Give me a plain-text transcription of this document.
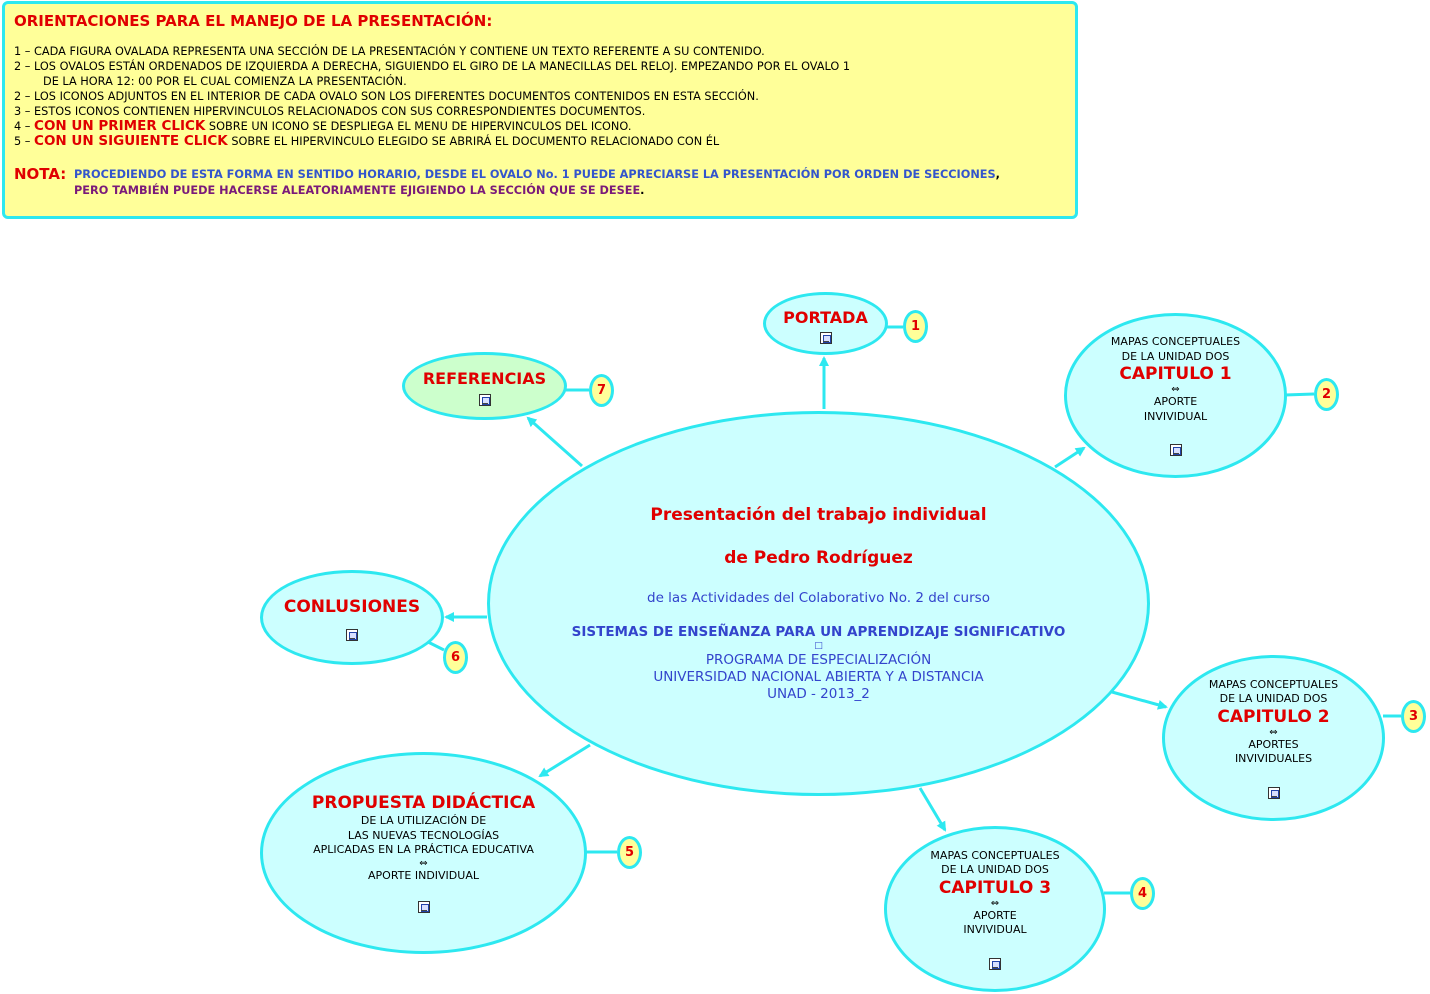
ORIENTACIONES PARA EL MANEJO DE LA PRESENTACIÓN:
1 – CADA FIGURA OVALADA REPRESENTA UNA SECCIÓN DE LA PRESENTACIÓN Y CONTIENE UN TEXTO REFERENTE A SU CONTENIDO.
2 – LOS OVALOS ESTÁN ORDENADOS DE IZQUIERDA A DERECHA, SIGUIENDO EL GIRO DE LA MANECILLAS DEL RELOJ. EMPEZANDO POR EL OVALO 1
DE LA HORA 12: 00 POR EL CUAL COMIENZA LA PRESENTACIÓN.
2 – LOS ICONOS ADJUNTOS EN EL INTERIOR DE CADA OVALO SON LOS DIFERENTES DOCUMENTOS CONTENIDOS EN ESTA SECCIÓN.
3 – ESTOS ICONOS CONTIENEN HIPERVINCULOS RELACIONADOS CON SUS CORRESPONDIENTES DOCUMENTOS.
4 – CON UN PRIMER CLICK SOBRE UN ICONO SE DESPLIEGA EL MENU DE HIPERVINCULOS DEL ICONO.
5 – CON UN SIGUIENTE CLICK SOBRE EL HIPERVINCULO ELEGIDO SE ABRIRÁ EL DOCUMENTO RELACIONADO CON ÉL
NOTA: PROCEDIENDO DE ESTA FORMA EN SENTIDO HORARIO, DESDE EL OVALO No. 1 PUEDE APRECIARSE LA PRESENTACIÓN POR ORDEN DE SECCIONES,
PERO TAMBIÉN PUEDE HACERSE ALEATORIAMENTE EJIGIENDO LA SECCIÓN QUE SE DESEE.
Presentación del trabajo individual
de Pedro Rodríguez
de las Actividades del Colaborativo No. 2 del curso
SISTEMAS DE ENSEÑANZA PARA UN APRENDIZAJE SIGNIFICATIVO
□
PROGRAMA DE ESPECIALIZACIÓN
UNIVERSIDAD NACIONAL ABIERTA Y A DISTANCIA
UNAD - 2013_2
PORTADA	1
MAPAS CONCEPTUALES
DE LA UNIDAD DOS
CAPITULO 1
⇔
APORTE
INVIVIDUAL
2
MAPAS CONCEPTUALES
DE LA UNIDAD DOS
CAPITULO 2
⇔
APORTES
INVIVIDUALES
3
MAPAS CONCEPTUALES
DE LA UNIDAD DOS
CAPITULO 3
⇔
APORTE
INVIVIDUAL
4
PROPUESTA DIDÁCTICA
DE LA UTILIZACIÓN DE
LAS NUEVAS TECNOLOGÍAS
APLICADAS EN LA PRÁCTICA EDUCATIVA
⇔
APORTE INDIVIDUAL
5
CONLUSIONES
6
REFERENCIAS
7
